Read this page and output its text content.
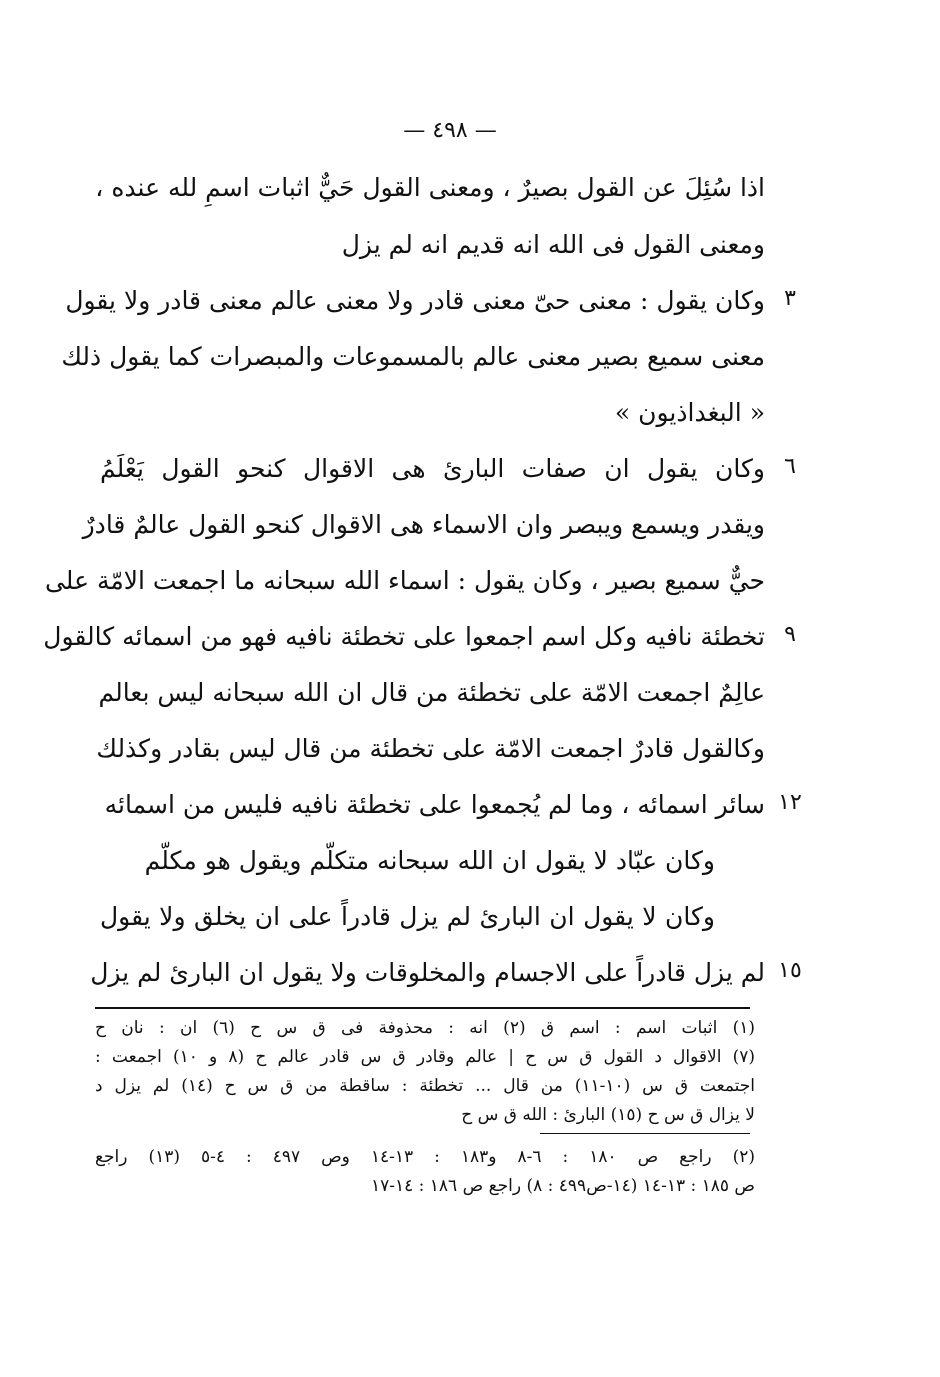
— ٤٩٨ —
اذا سُئِلَ عن القول بصيرٌ ، ومعنى القول حَيٌّ اثبات اسمِ لله عنده ،
ومعنى القول فى الله انه قديم انه لم يزل
وكان يقول : معنى حىّ معنى قادر ولا معنى عالم معنى قادر ولا يقول
معنى سميع بصير معنى عالم بالمسموعات والمبصرات كما يقول ذلك
« البغداذيون »
وكان يقول ان صفات البارئ هى الاقوال كنحو القول يَعْلَمُ
ويقدر ويسمع ويبصر وان الاسماء هى الاقوال كنحو القول عالمٌ قادرٌ
حيٌّ سميع بصير ، وكان يقول : اسماء الله سبحانه ما اجمعت الامّة على
تخطئة نافيه وكل اسم اجمعوا على تخطئة نافيه فهو من اسمائه كالقول
عالِمٌ اجمعت الامّة على تخطئة من قال ان الله سبحانه ليس بعالم
وكالقول قادرٌ اجمعت الامّة على تخطئة من قال ليس بقادر وكذلك
سائر اسمائه ، وما لم يُجمعوا على تخطئة نافيه فليس من اسمائه
وكان عبّاد لا يقول ان الله سبحانه متكلّم ويقول هو مكلّم
وكان لا يقول ان البارئ لم يزل قادراً على ان يخلق ولا يقول
لم يزل قادراً على الاجسام والمخلوقات ولا يقول ان البارئ لم يزل
٣
٦
٩
١٢
١٥
(١) اثبات اسم : اسم ق (٢) انه : محذوفة فى ق س ح (٦) ان : نان ح
(٧) الاقوال د القول ق س ح | عالم وقادر ق س قادر عالم ح (٨ و ١٠) اجمعت :
اجتمعت ق س (١٠-١١) من قال ... تخطئة : ساقطة من ق س ح (١٤) لم يزل د
لا يزال ق س ح (١٥) البارئ : الله ق س ح
(٢) راجع ص ١٨٠ : ٦-٨ و١٨٣ : ١٣-١٤ وص ٤٩٧ : ٤-٥ (١٣) راجع
ص ١٨٥ : ١٣-١٤ (١٤-ص٤٩٩ : ٨) راجع ص ١٨٦ : ١٤-١٧
